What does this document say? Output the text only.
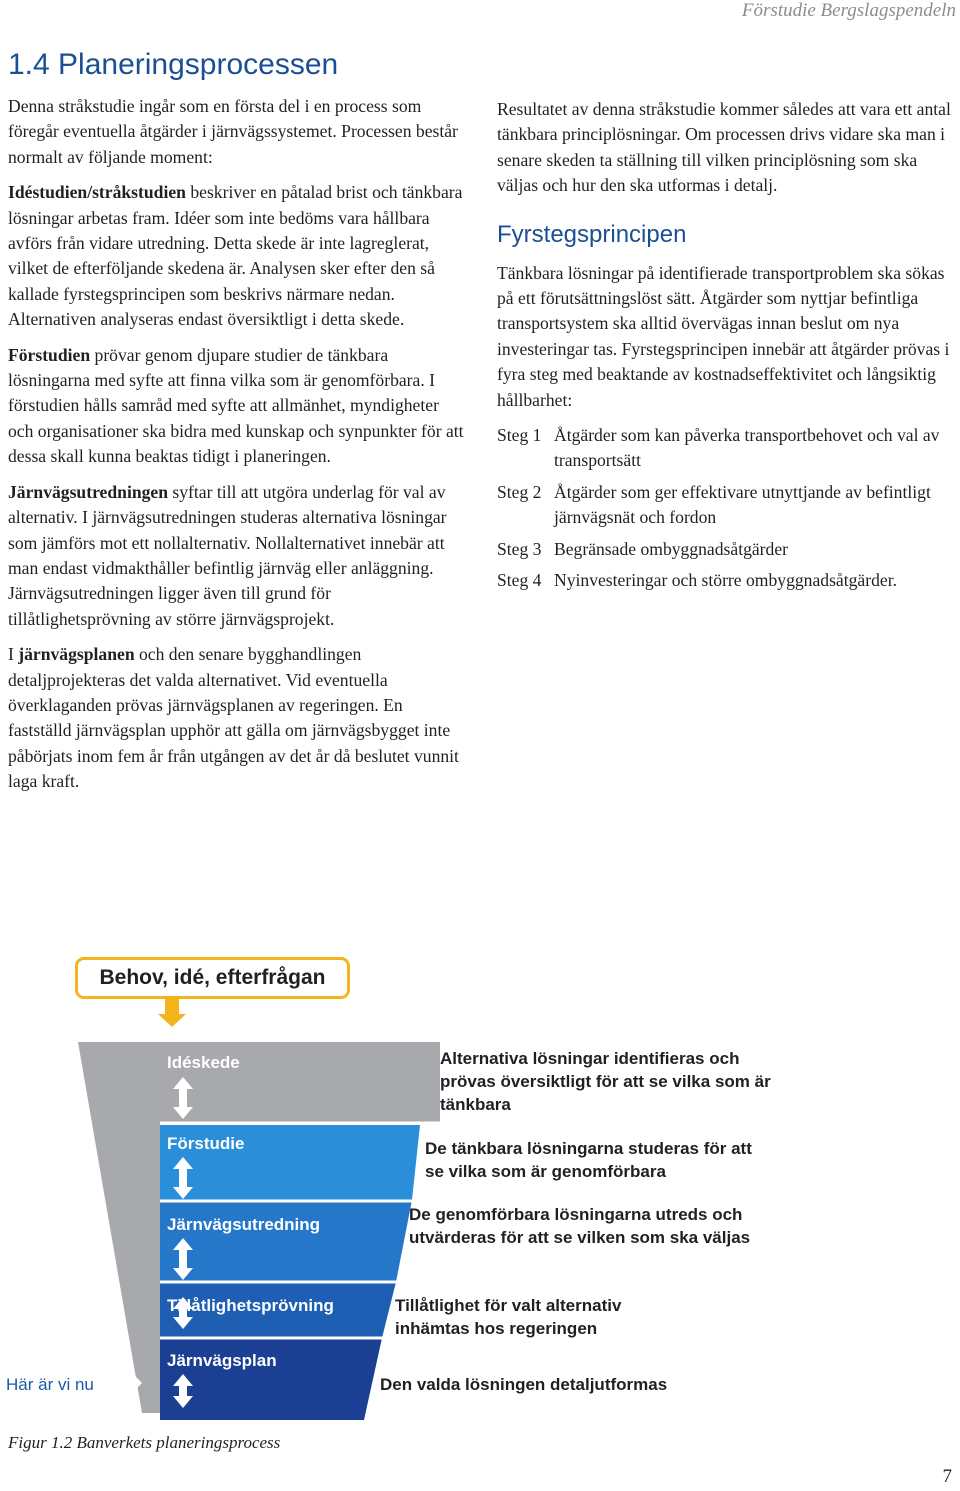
Förstudie Bergslagspendeln
1.4 Planeringsprocessen

Denna stråkstudie ingår som en första del i en process som föregår eventuella åtgärder i järnvägssystemet. Processen består normalt av följande moment:

Idéstudien/stråkstudien beskriver en påtalad brist och tänkbara lösningar arbetas fram. Idéer som inte bedöms vara hållbara avförs från vidare utredning. Detta skede är inte lagreglerat, vilket de efterföljande skedena är. Analysen sker efter den så kallade fyrstegsprincipen som beskrivs närmare nedan. Alternativen analyseras endast översiktligt i detta skede.

Förstudien prövar genom djupare studier de tänkbara lösningarna med syfte att finna vilka som är genomförbara. I förstudien hålls samråd med syfte att allmänhet, myndigheter och organisationer ska bidra med kunskap och synpunkter för att dessa skall kunna beaktas tidigt i planeringen.

Järnvägsutredningen syftar till att utgöra underlag för val av alternativ. I järnvägsutredningen studeras alternativa lösningar som jämförs mot ett nollalternativ. Nollalternativet innebär att man endast vidmakthåller befintlig järnväg eller anläggning. Järnvägsutredningen ligger även till grund för tillåtlighetsprövning av större järnvägsprojekt.

I järnvägsplanen och den senare bygghandlingen detaljprojekteras det valda alternativet. Vid eventuella överklaganden prövas järnvägsplanen av regeringen. En fastställd järnvägsplan upphör att gälla om järnvägsbygget inte påbörjats inom fem år från utgången av det år då beslutet vunnit laga kraft.

Resultatet av denna stråkstudie kommer således att vara ett antal tänkbara principlösningar. Om processen drivs vidare ska man i senare skeden ta ställning till vilken principlösning som ska väljas och hur den ska utformas i detalj.

Fyrstegsprincipen

Tänkbara lösningar på identifierade transportproblem ska sökas på ett förutsättningslöst sätt. Åtgärder som nyttjar befintliga transportsystem ska alltid övervägas innan beslut om nya investeringar tas. Fyrstegsprincipen innebär att åtgärder prövas i fyra steg med beaktande av kostnadseffektivitet och långsiktig hållbarhet:

Steg 1 Åtgärder som kan påverka transportbehovet och val av transportsätt
Steg 2 Åtgärder som ger effektivare utnyttjande av befintligt järnvägsnät och fordon
Steg 3 Begränsade ombyggnadsåtgärder
Steg 4 Nyinvesteringar och större ombyggnadsåtgärder.
Behov, idé, efterfrågan
Här är vi nu
Idéskede
Förstudie
Järnvägsutredning
Tillåtlighetsprövning
Järnvägsplan
Alternativa lösningar identifieras och prövas översiktligt för att se vilka som är tänkbara
De tänkbara lösningarna studeras för att se vilka som är genomförbara
De genomförbara lösningarna utreds och utvärderas för att se vilken som ska väljas
Tillåtlighet för valt alternativ inhämtas hos regeringen
Den valda lösningen detaljutformas
Figur 1.2 Banverkets planeringsprocess
7
